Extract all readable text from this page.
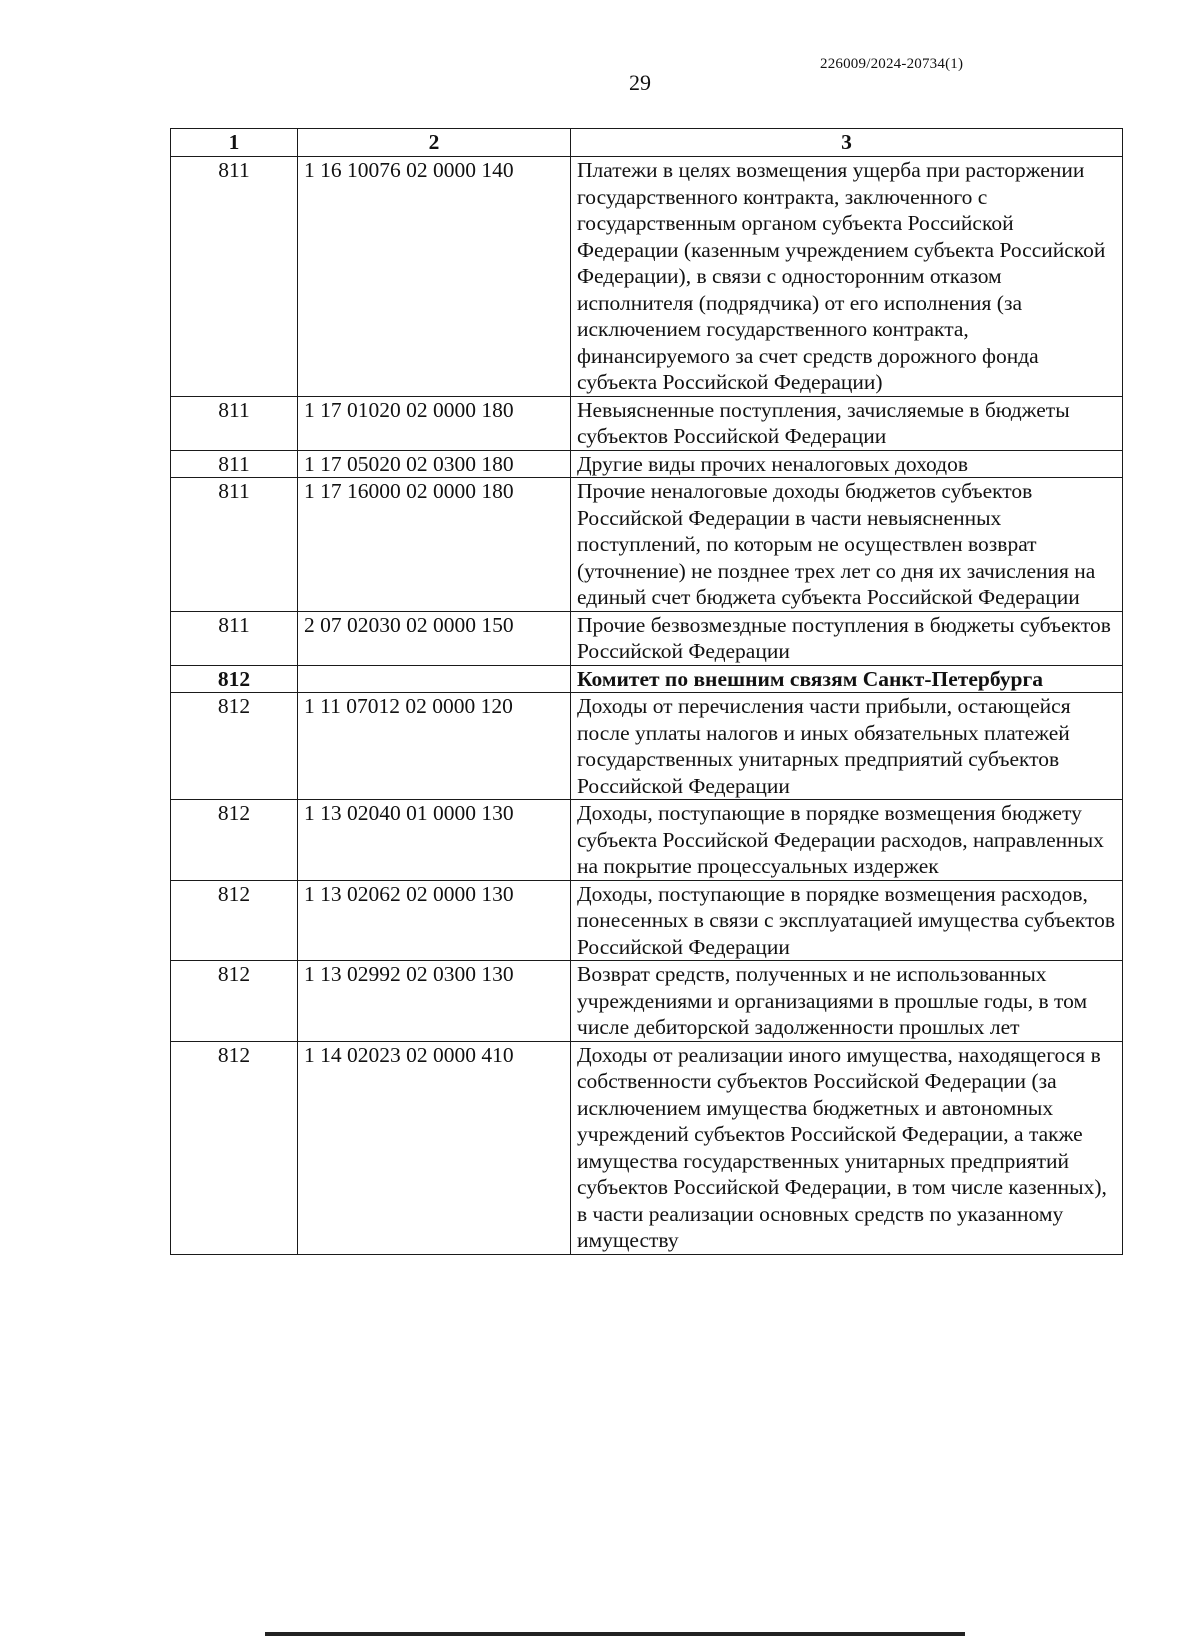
226009/2024-20734(1)
29
1	2	3
811	1 16 10076 02 0000 140	Платежи в целях возмещения ущерба при расторжении государственного контракта, заключенного с государственным органом субъекта Российской Федерации (казенным учреждением субъекта Российской Федерации), в связи с односторонним отказом исполнителя (подрядчика) от его исполнения (за исключением государственного контракта, финансируемого за счет средств дорожного фонда субъекта Российской Федерации)
811	1 17 01020 02 0000 180	Невыясненные поступления, зачисляемые в бюджеты субъектов Российской Федерации
811	1 17 05020 02 0300 180	Другие виды прочих неналоговых доходов
811	1 17 16000 02 0000 180	Прочие неналоговые доходы бюджетов субъектов Российской Федерации в части невыясненных поступлений, по которым не осуществлен возврат (уточнение) не позднее трех лет со дня их зачисления на единый счет бюджета субъекта Российской Федерации
811	2 07 02030 02 0000 150	Прочие безвозмездные поступления в бюджеты субъектов Российской Федерации
812		Комитет по внешним связям Санкт-Петербурга
812	1 11 07012 02 0000 120	Доходы от перечисления части прибыли, остающейся после уплаты налогов и иных обязательных платежей государственных унитарных предприятий субъектов Российской Федерации
812	1 13 02040 01 0000 130	Доходы, поступающие в порядке возмещения бюджету субъекта Российской Федерации расходов, направленных на покрытие процессуальных издержек
812	1 13 02062 02 0000 130	Доходы, поступающие в порядке возмещения расходов, понесенных в связи с эксплуатацией имущества субъектов Российской Федерации
812	1 13 02992 02 0300 130	Возврат средств, полученных и не использованных учреждениями и организациями в прошлые годы, в том числе дебиторской задолженности прошлых лет
812	1 14 02023 02 0000 410	Доходы от реализации иного имущества, находящегося в собственности субъектов Российской Федерации (за исключением имущества бюджетных и автономных учреждений субъектов Российской Федерации, а также имущества государственных унитарных предприятий субъектов Российской Федерации, в том числе казенных), в части реализации основных средств по указанному имуществу
